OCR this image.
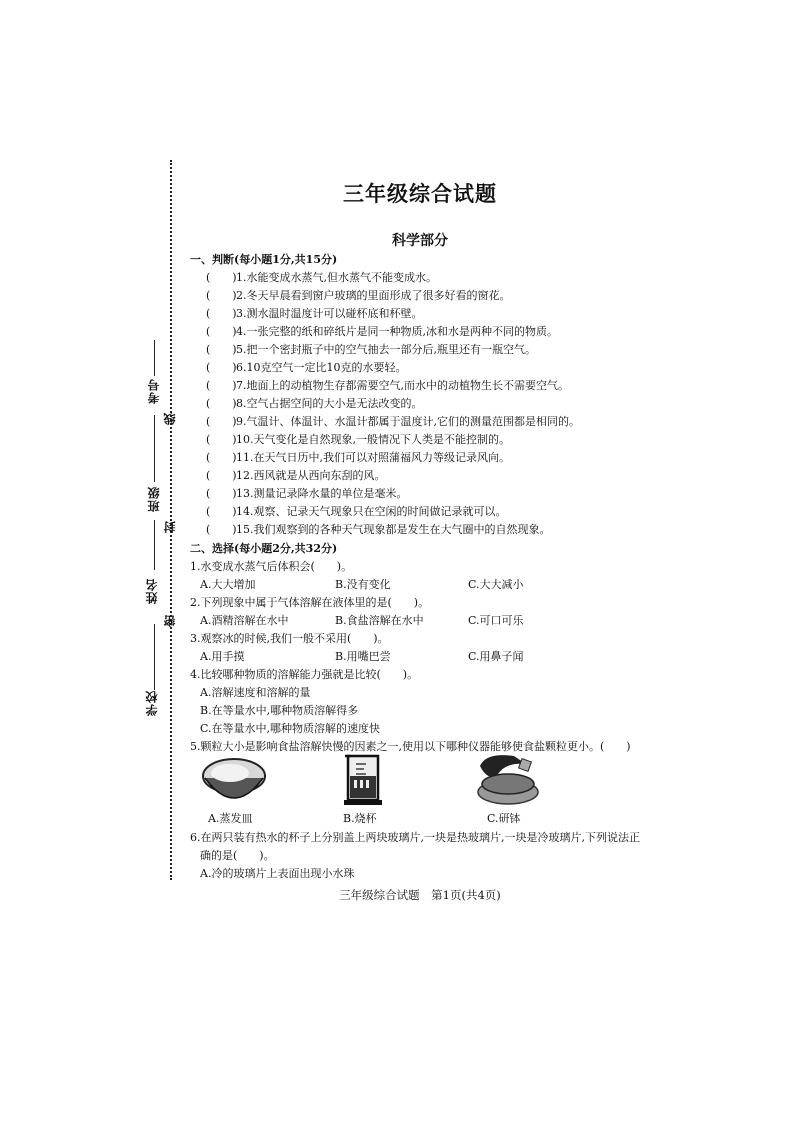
考号
线
班级
封
姓名
密
学校
三年级综合试题
科学部分
一、判断(每小题1分,共15分)
(　　)1.水能变成水蒸气,但水蒸气不能变成水。
(　　)2.冬天早晨看到窗户玻璃的里面形成了很多好看的窗花。
(　　)3.测水温时温度计可以碰杯底和杯壁。
(　　)4.一张完整的纸和碎纸片是同一种物质,冰和水是两种不同的物质。
(　　)5.把一个密封瓶子中的空气抽去一部分后,瓶里还有一瓶空气。
(　　)6.10克空气一定比10克的水要轻。
(　　)7.地面上的动植物生存都需要空气,而水中的动植物生长不需要空气。
(　　)8.空气占据空间的大小是无法改变的。
(　　)9.气温计、体温计、水温计都属于温度计,它们的测量范围都是相同的。
(　　)10.天气变化是自然现象,一般情况下人类是不能控制的。
(　　)11.在天气日历中,我们可以对照蒲福风力等级记录风向。
(　　)12.西风就是从西向东刮的风。
(　　)13.测量记录降水量的单位是毫米。
(　　)14.观察、记录天气现象只在空闲的时间做记录就可以。
(　　)15.我们观察到的各种天气现象都是发生在大气圈中的自然现象。
二、选择(每小题2分,共32分)
1.水变成水蒸气后体积会(　　)。
A.大大增加	B.没有变化	C.大大减小
2.下列现象中属于气体溶解在液体里的是(　　)。
A.酒精溶解在水中	B.食盐溶解在水中	C.可口可乐
3.观察冰的时候,我们一般不采用(　　)。
A.用手摸	B.用嘴巴尝	C.用鼻子闻
4.比较哪种物质的溶解能力强就是比较(　　)。
A.溶解速度和溶解的量
B.在等量水中,哪种物质溶解得多
C.在等量水中,哪种物质溶解的速度快
5.颗粒大小是影响食盐溶解快慢的因素之一,使用以下哪种仪器能够使食盐颗粒更小。(　　)
A.蒸发皿	B.烧杯	C.研钵
6.在两只装有热水的杯子上分别盖上两块玻璃片,一块是热玻璃片,一块是冷玻璃片,下列说法正
确的是(　　)。
A.冷的玻璃片上表面出现小水珠
三年级综合试题　第1页(共4页)
